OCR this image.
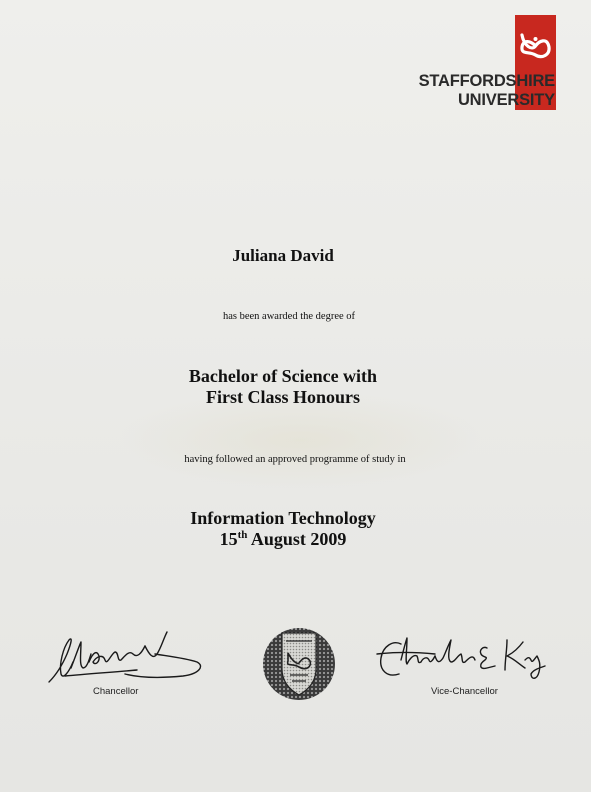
STAFFORDSHIRE
UNIVERSITY
Juliana David
has been awarded the degree of
Bachelor of Science with
First Class Honours
having followed an approved programme of study in
Information Technology
15th August 2009
Chancellor	Vice-Chancellor
